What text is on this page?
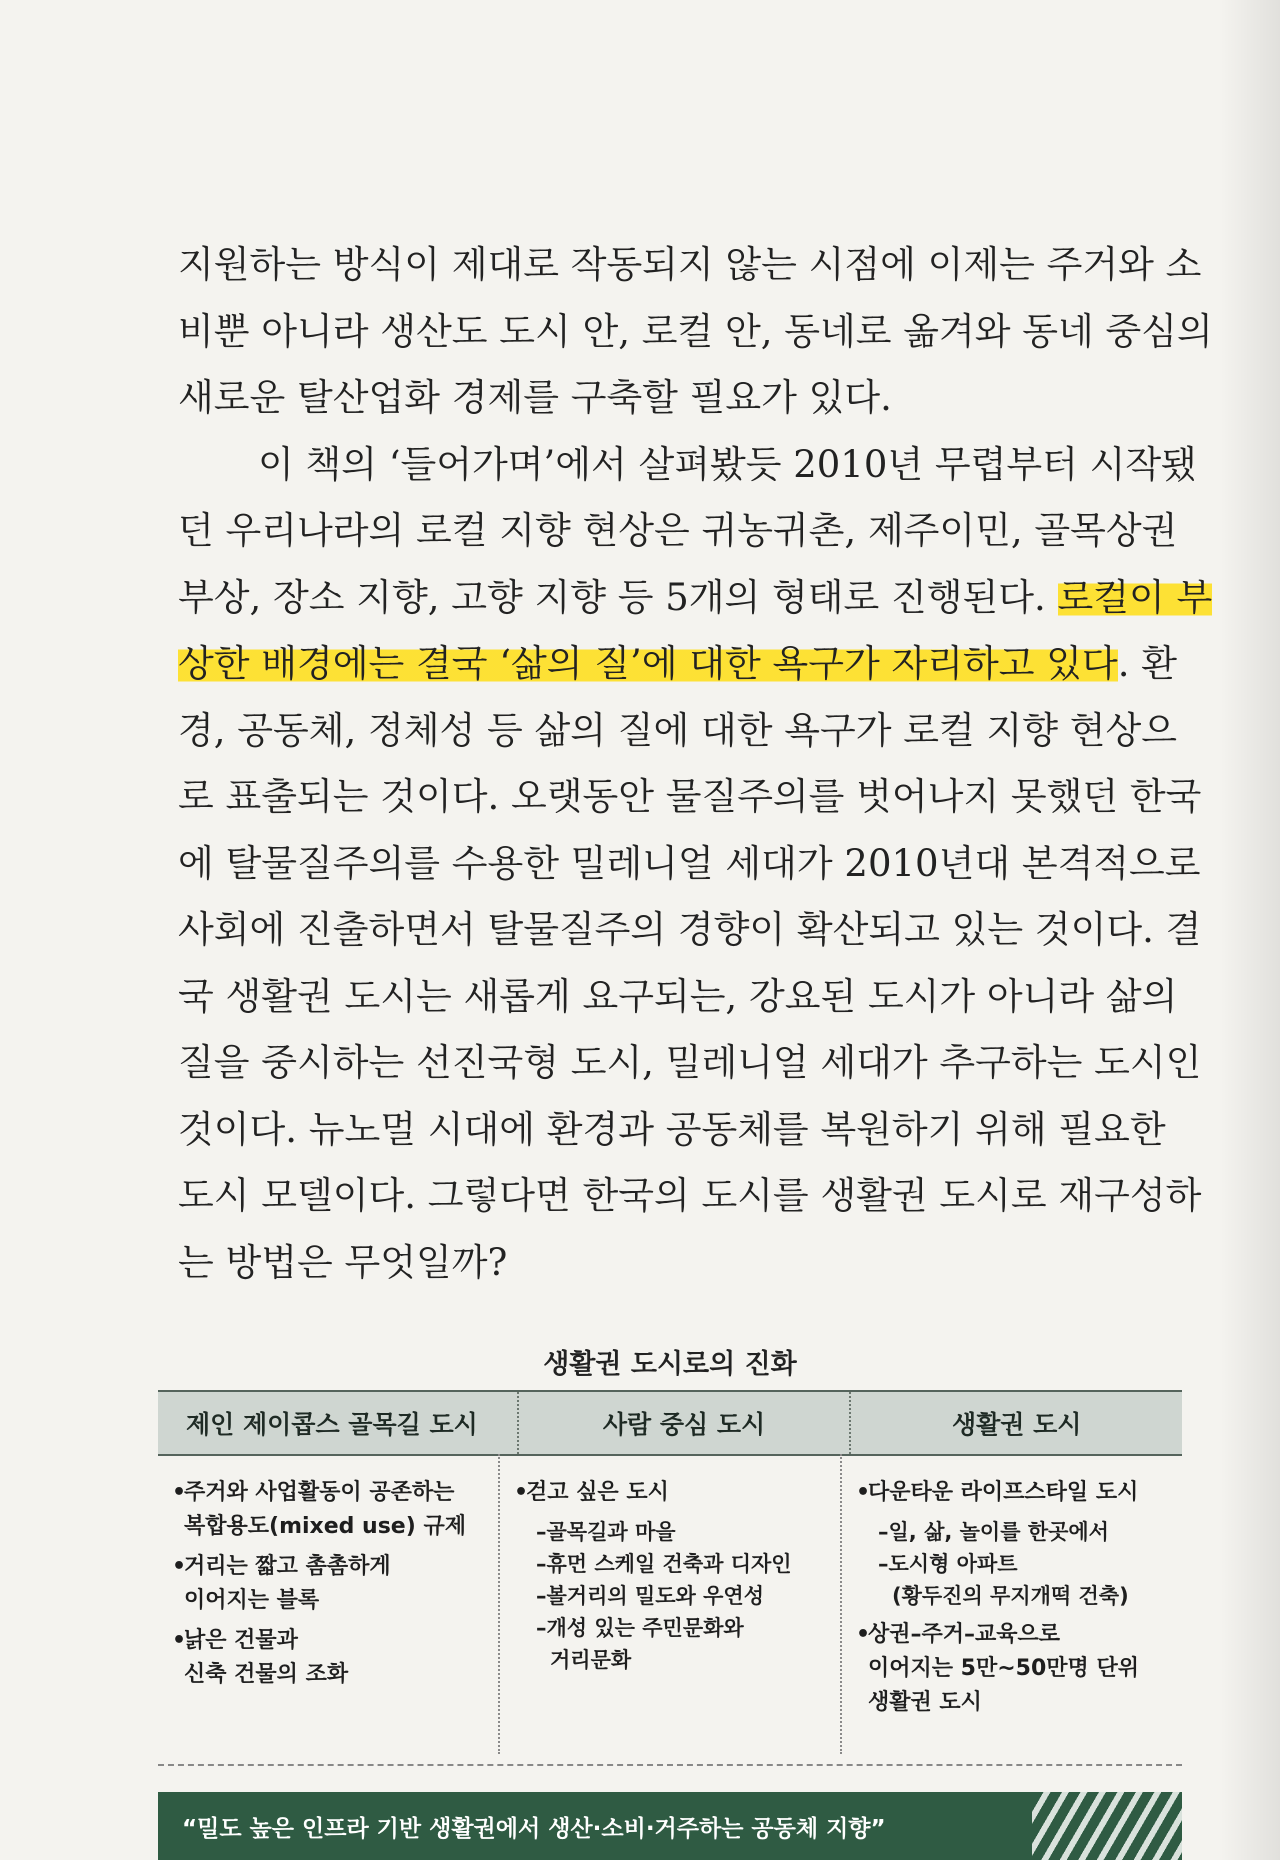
지원하는 방식이 제대로 작동되지 않는 시점에 이제는 주거와 소
비뿐 아니라 생산도 도시 안, 로컬 안, 동네로 옮겨와 동네 중심의
새로운 탈산업화 경제를 구축할 필요가 있다.
이 책의 ‘들어가며’에서 살펴봤듯 2010년 무렵부터 시작됐
던 우리나라의 로컬 지향 현상은 귀농귀촌, 제주이민, 골목상권
부상, 장소 지향, 고향 지향 등 5개의 형태로 진행된다. 로컬이 부
상한 배경에는 결국 ‘삶의 질’에 대한 욕구가 자리하고 있다. 환
경, 공동체, 정체성 등 삶의 질에 대한 욕구가 로컬 지향 현상으
로 표출되는 것이다. 오랫동안 물질주의를 벗어나지 못했던 한국
에 탈물질주의를 수용한 밀레니얼 세대가 2010년대 본격적으로
사회에 진출하면서 탈물질주의 경향이 확산되고 있는 것이다. 결
국 생활권 도시는 새롭게 요구되는, 강요된 도시가 아니라 삶의
질을 중시하는 선진국형 도시, 밀레니얼 세대가 추구하는 도시인
것이다. 뉴노멀 시대에 환경과 공동체를 복원하기 위해 필요한
도시 모델이다. 그렇다면 한국의 도시를 생활권 도시로 재구성하
는 방법은 무엇일까?
생활권 도시로의 진화
제인 제이콥스 골목길 도시	사람 중심 도시	생활권 도시
•주거와 사업활동이 공존하는
복합용도(mixed use) 규제
•거리는 짧고 촘촘하게
이어지는 블록
•낡은 건물과
신축 건물의 조화
•걷고 싶은 도시
–골목길과 마을
–휴먼 스케일 건축과 디자인
–볼거리의 밀도와 우연성
–개성 있는 주민문화와
거리문화
•다운타운 라이프스타일 도시
–일, 삶, 놀이를 한곳에서
–도시형 아파트
(황두진의 무지개떡 건축)
•상권–주거–교육으로
이어지는 5만~50만명 단위
생활권 도시
“밀도 높은 인프라 기반 생활권에서 생산·소비·거주하는 공동체 지향”
